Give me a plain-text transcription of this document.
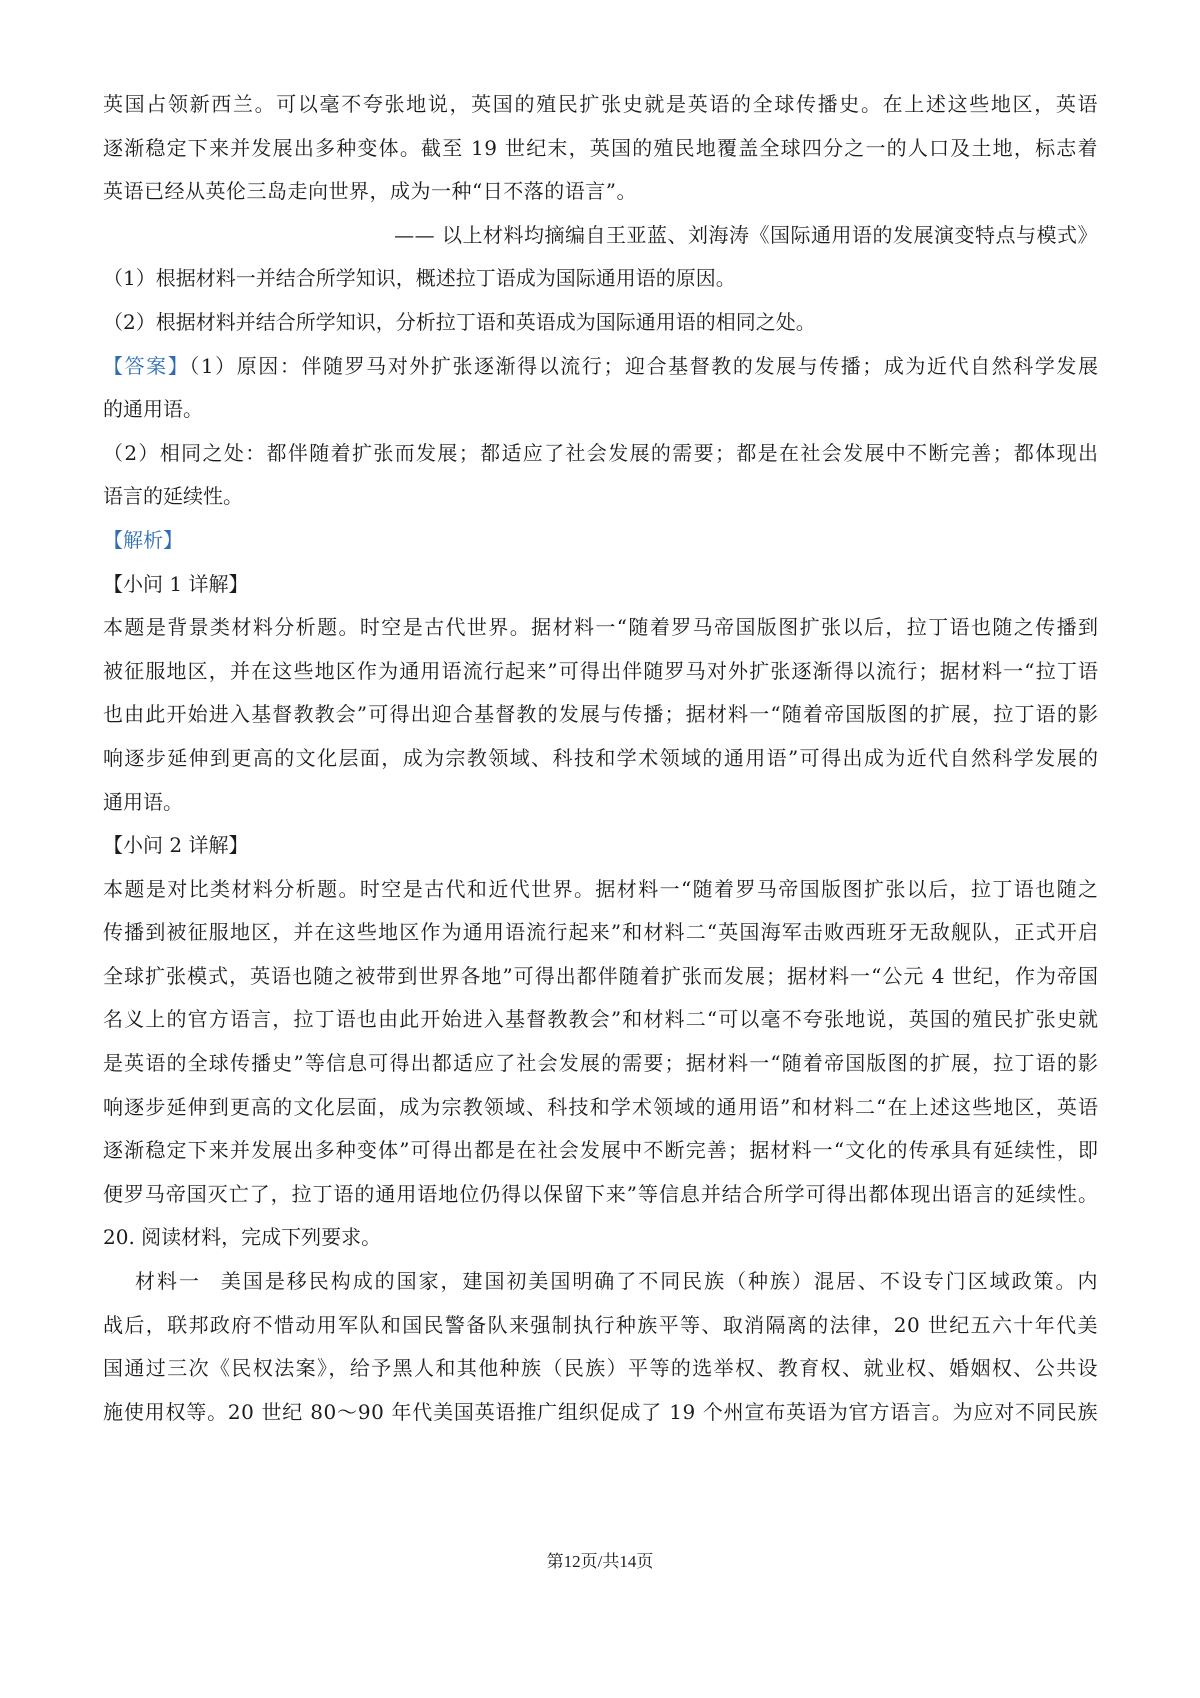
英国占领新西兰。可以毫不夸张地说，英国的殖民扩张史就是英语的全球传播史。在上述这些地区，英语
逐渐稳定下来并发展出多种变体。截至 19 世纪末，英国的殖民地覆盖全球四分之一的人口及土地，标志着
英语已经从英伦三岛走向世界，成为一种“日不落的语言”。
—— 以上材料均摘编自王亚蓝、刘海涛《国际通用语的发展演变特点与模式》
（1）根据材料一并结合所学知识，概述拉丁语成为国际通用语的原因。
（2）根据材料并结合所学知识，分析拉丁语和英语成为国际通用语的相同之处。
【答案】（1）原因：伴随罗马对外扩张逐渐得以流行；迎合基督教的发展与传播；成为近代自然科学发展
的通用语。
（2）相同之处：都伴随着扩张而发展；都适应了社会发展的需要；都是在社会发展中不断完善；都体现出
语言的延续性。
【解析】
【小问 1 详解】
本题是背景类材料分析题。时空是古代世界。据材料一“随着罗马帝国版图扩张以后，拉丁语也随之传播到
被征服地区，并在这些地区作为通用语流行起来”可得出伴随罗马对外扩张逐渐得以流行；据材料一“拉丁语
也由此开始进入基督教教会”可得出迎合基督教的发展与传播；据材料一“随着帝国版图的扩展，拉丁语的影
响逐步延伸到更高的文化层面，成为宗教领域、科技和学术领域的通用语”可得出成为近代自然科学发展的
通用语。
【小问 2 详解】
本题是对比类材料分析题。时空是古代和近代世界。据材料一“随着罗马帝国版图扩张以后，拉丁语也随之
传播到被征服地区，并在这些地区作为通用语流行起来”和材料二“英国海军击败西班牙无敌舰队，正式开启
全球扩张模式，英语也随之被带到世界各地”可得出都伴随着扩张而发展；据材料一“公元 4 世纪，作为帝国
名义上的官方语言，拉丁语也由此开始进入基督教教会”和材料二“可以毫不夸张地说，英国的殖民扩张史就
是英语的全球传播史”等信息可得出都适应了社会发展的需要；据材料一“随着帝国版图的扩展，拉丁语的影
响逐步延伸到更高的文化层面，成为宗教领域、科技和学术领域的通用语”和材料二“在上述这些地区，英语
逐渐稳定下来并发展出多种变体”可得出都是在社会发展中不断完善；据材料一“文化的传承具有延续性，即
便罗马帝国灭亡了，拉丁语的通用语地位仍得以保留下来”等信息并结合所学可得出都体现出语言的延续性。
20. 阅读材料，完成下列要求。
材料一 美国是移民构成的国家，建国初美国明确了不同民族（种族）混居、不设专门区域政策。内
战后，联邦政府不惜动用军队和国民警备队来强制执行种族平等、取消隔离的法律，20 世纪五六十年代美
国通过三次《民权法案》，给予黑人和其他种族（民族）平等的选举权、教育权、就业权、婚姻权、公共设
施使用权等。20 世纪 80～90 年代美国英语推广组织促成了 19 个州宣布英语为官方语言。为应对不同民族
第12页/共14页
